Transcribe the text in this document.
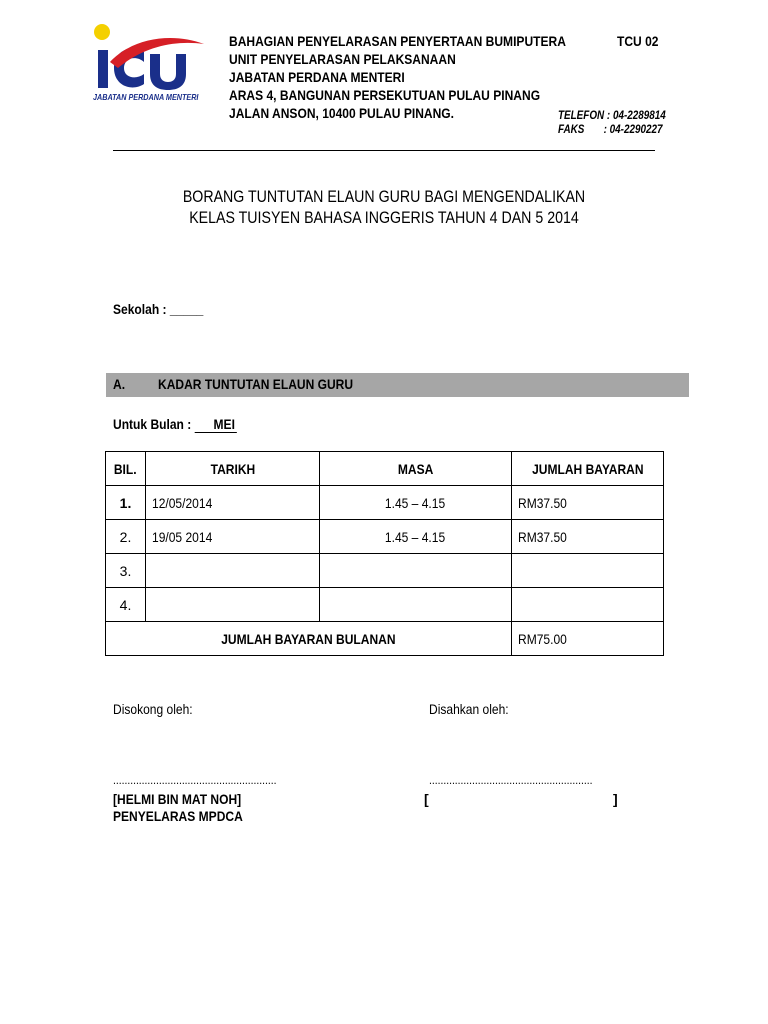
JABATAN PERDANA MENTERI
BAHAGIAN PENYELARASAN PENYERTAAN BUMIPUTERA
UNIT PENYELARASAN PELAKSANAAN
JABATAN PERDANA MENTERI
ARAS 4, BANGUNAN PERSEKUTUAN PULAU PINANG
JALAN ANSON, 10400 PULAU PINANG.
TCU 02
TELEFON : 04-2289814
FAKS       : 04-2290227
BORANG TUNTUTAN ELAUN GURU BAGI MENGENDALIKAN
KELAS TUISYEN BAHASA INGGERIS TAHUN 4 DAN 5 2014
Sekolah : _____
A. KADAR TUNTUTAN ELAUN GURU
Untuk Bulan : MEI
BIL.	TARIKH	MASA	JUMLAH BAYARAN
1.	12/05/2014	1.45 – 4.15	RM37.50
2.	19/05 2014	1.45 – 4.15	RM37.50
3.			
4.			
JUMLAH BAYARAN BULANAN			RM75.00
Disokong oleh:	Disahkan oleh:
.........................................................	.........................................................
[HELMI BIN MAT NOH]
PENYELARAS MPDCA
[	]
